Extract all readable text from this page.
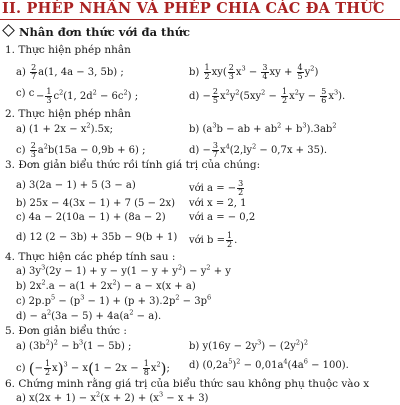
II. PHÉP NHÂN VÀ PHÉP CHIA CÁC ĐA THỨC
Nhân đơn thức với đa thức
1. Thực hiện phép nhân
$a) \frac{2}{7} a(1$, 4a − 3, 5b) ;	$b) \frac{1}{2} xy( \frac{2}{3} x^3 - \frac{3}{4}$ xy + $\frac{4}{5} y^2$)
c) $c - \frac{1}{3} c^2(1$, $2d^2 - 6c^2$) ;	$d) - \frac{2}{5} x^2y^2(5xy^2 - \frac{1}{2} x^2y - \frac{5}{6} x^3)$.
2. Thực hiện phép nhân
a) $(1 + 2x - x^2).5x$;	b) ($a^3b$ − ab + $ab^2 + b^3).3ab^2$
$c) \frac{2}{3} a^2b(15a - 0,9b + 6)$ ;	$d) - \frac{3}{7} x^4(2,ly^2 - 0,7x + 35)$.
3. Đơn giản biểu thức rồi tính giá trị của chúng:
a) 3(2a − 1) + 5 (3 − a)	với a = − $\frac{3}{2}$
b) 25x − 4(3x − 1) + 7 (5 − 2x) với x = 2, 1
c) 4a − 2(10a − 1) + (8a − 2) với a = − 0,2
d) 12 (2 − 3b) + 35b − 9(b + 1) với $b = \frac{1}{2}$ .
4. Thực hiện các phép tính sau :
a) $3y^3(2y - 1) + y - y(1 - y + y^2) - y^2 + y$
b) $2x^2.a - a(1 + 2x^2) - a - x(x + a)$
c) $2p.p^5 - (p^3 - 1) + (p + 3).2p^2 - 3p^6$
$d) - a^2(3a - 5) + 4a(a^2 - a)$.
5. Đơn giản biểu thức :
a) $(3b^2)^2 - b^3(1 - 5b)$ ;	b) $y(16y - 2y^3) - (2y^2)^2$
c) (− $\frac{1}{2} x)^3 - x(1 - 2x - \frac{1}{8} x^2)$; d) $(0,2a^5)^2 - 0,01a^4(4a^6 - 100)$.
6. Chứng minh rằng giá trị của biểu thức sau không phụ thuộc vào x
a) $x(2x + 1) - x^2(x + 2) + (x^3 - x + 3)$
